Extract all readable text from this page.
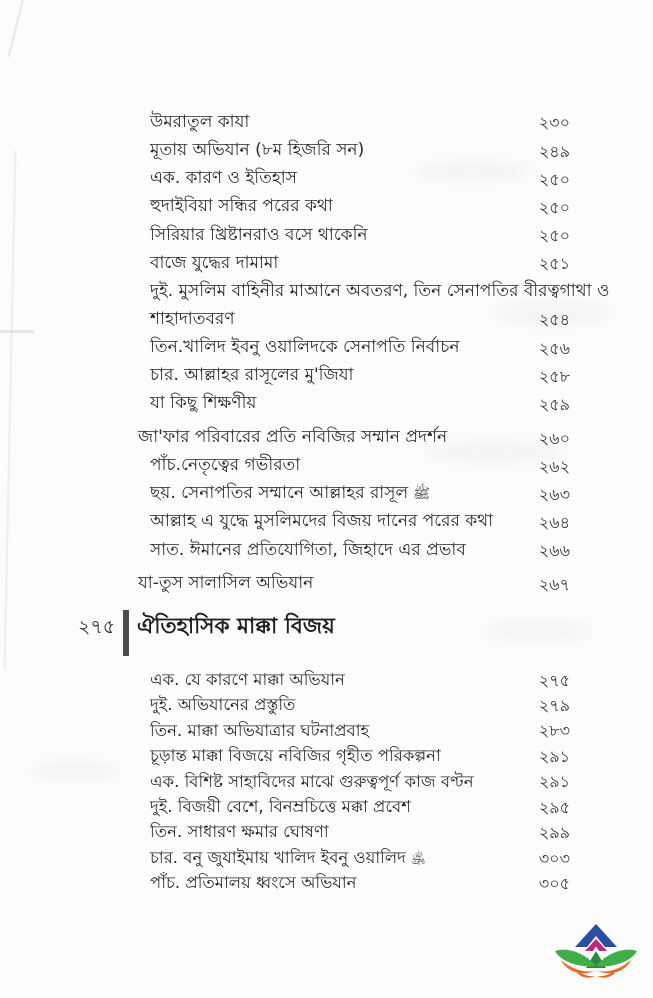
উমরাতুল কাযা	২৩০
মূতায় অভিযান (৮ম হিজরি সন)	২৪৯
এক. কারণ ও ইতিহাস	২৫০
হুদাইবিয়া সন্ধির পরের কথা	২৫০
সিরিয়ার খ্রিষ্টানরাও বসে থাকেনি	২৫০
বাজে যুদ্ধের দামামা	২৫১
দুই. মুসলিম বাহিনীর মাআনে অবতরণ, তিন সেনাপতির বীরত্বগাথা ও
শাহাদাতবরণ	২৫৪
তিন.খালিদ ইবনু ওয়ালিদকে সেনাপতি নির্বাচন	২৫৬
চার. আল্লাহর রাসূলের মু'জিযা	২৫৮
যা কিছু শিক্ষণীয়	২৫৯
জা'ফার পরিবারের প্রতি নবিজির সম্মান প্রদর্শন	২৬০
পাঁচ.নেতৃত্বের গভীরতা	২৬২
ছয়. সেনাপতির সম্মানে আল্লাহর রাসূল ﷺ	২৬৩
আল্লাহ এ যুদ্ধে মুসলিমদের বিজয় দানের পরের কথা	২৬৪
সাত. ঈমানের প্রতিযোগিতা, জিহাদে এর প্রভাব	২৬৬
যা-তুস সালাসিল অভিযান	২৬৭
২৭৫ ঐতিহাসিক মাক্কা বিজয়
এক. যে কারণে মাক্কা অভিযান	২৭৫
দুই. অভিযানের প্রস্তুতি	২৭৯
তিন. মাক্কা অভিযাত্রার ঘটনাপ্রবাহ	২৮৩
চূড়ান্ত মাক্কা বিজয়ে নবিজির গৃহীত পরিকল্পনা	২৯১
এক. বিশিষ্ট সাহাবিদের মাঝে গুরুত্বপূর্ণ কাজ বণ্টন	২৯১
দুই. বিজয়ী বেশে, বিনম্রচিত্তে মক্কা প্রবেশ	২৯৫
তিন. সাধারণ ক্ষমার ঘোষণা	২৯৯
চার. বনু জুযাইমায় খালিদ ইবনু ওয়ালিদ ﵁	৩০৩
পাঁচ. প্রতিমালয় ধ্বংসে অভিযান	৩০৫
